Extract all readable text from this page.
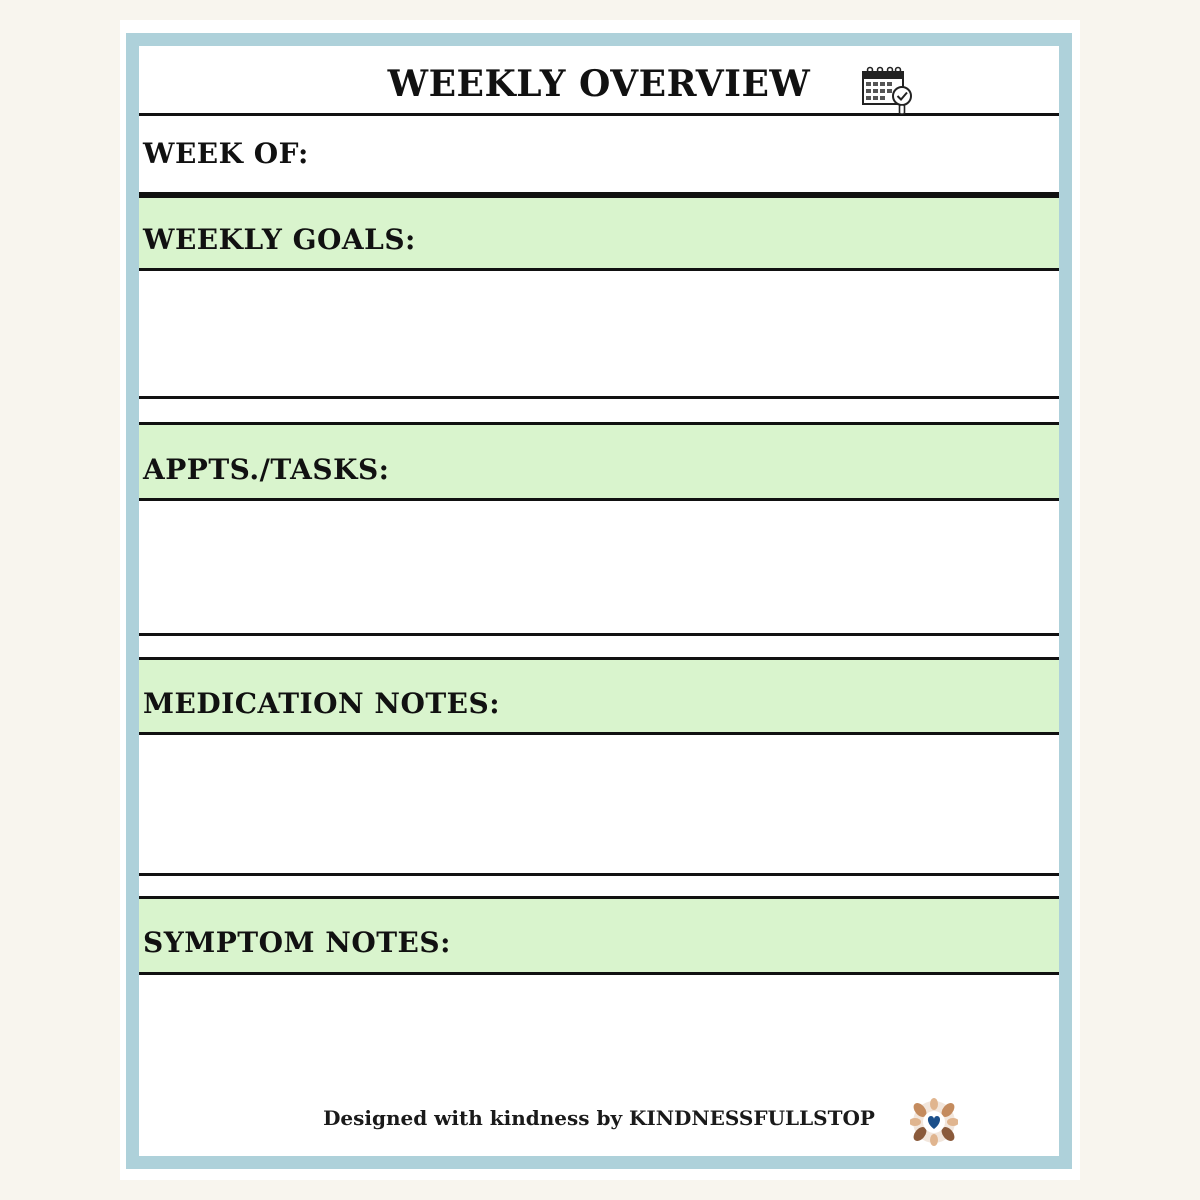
WEEKLY OVERVIEW
WEEK OF:
WEEKLY GOALS:
APPTS./TASKS:
MEDICATION NOTES:
SYMPTOM NOTES:
Designed with kindness by KINDNESSFULLSTOP
